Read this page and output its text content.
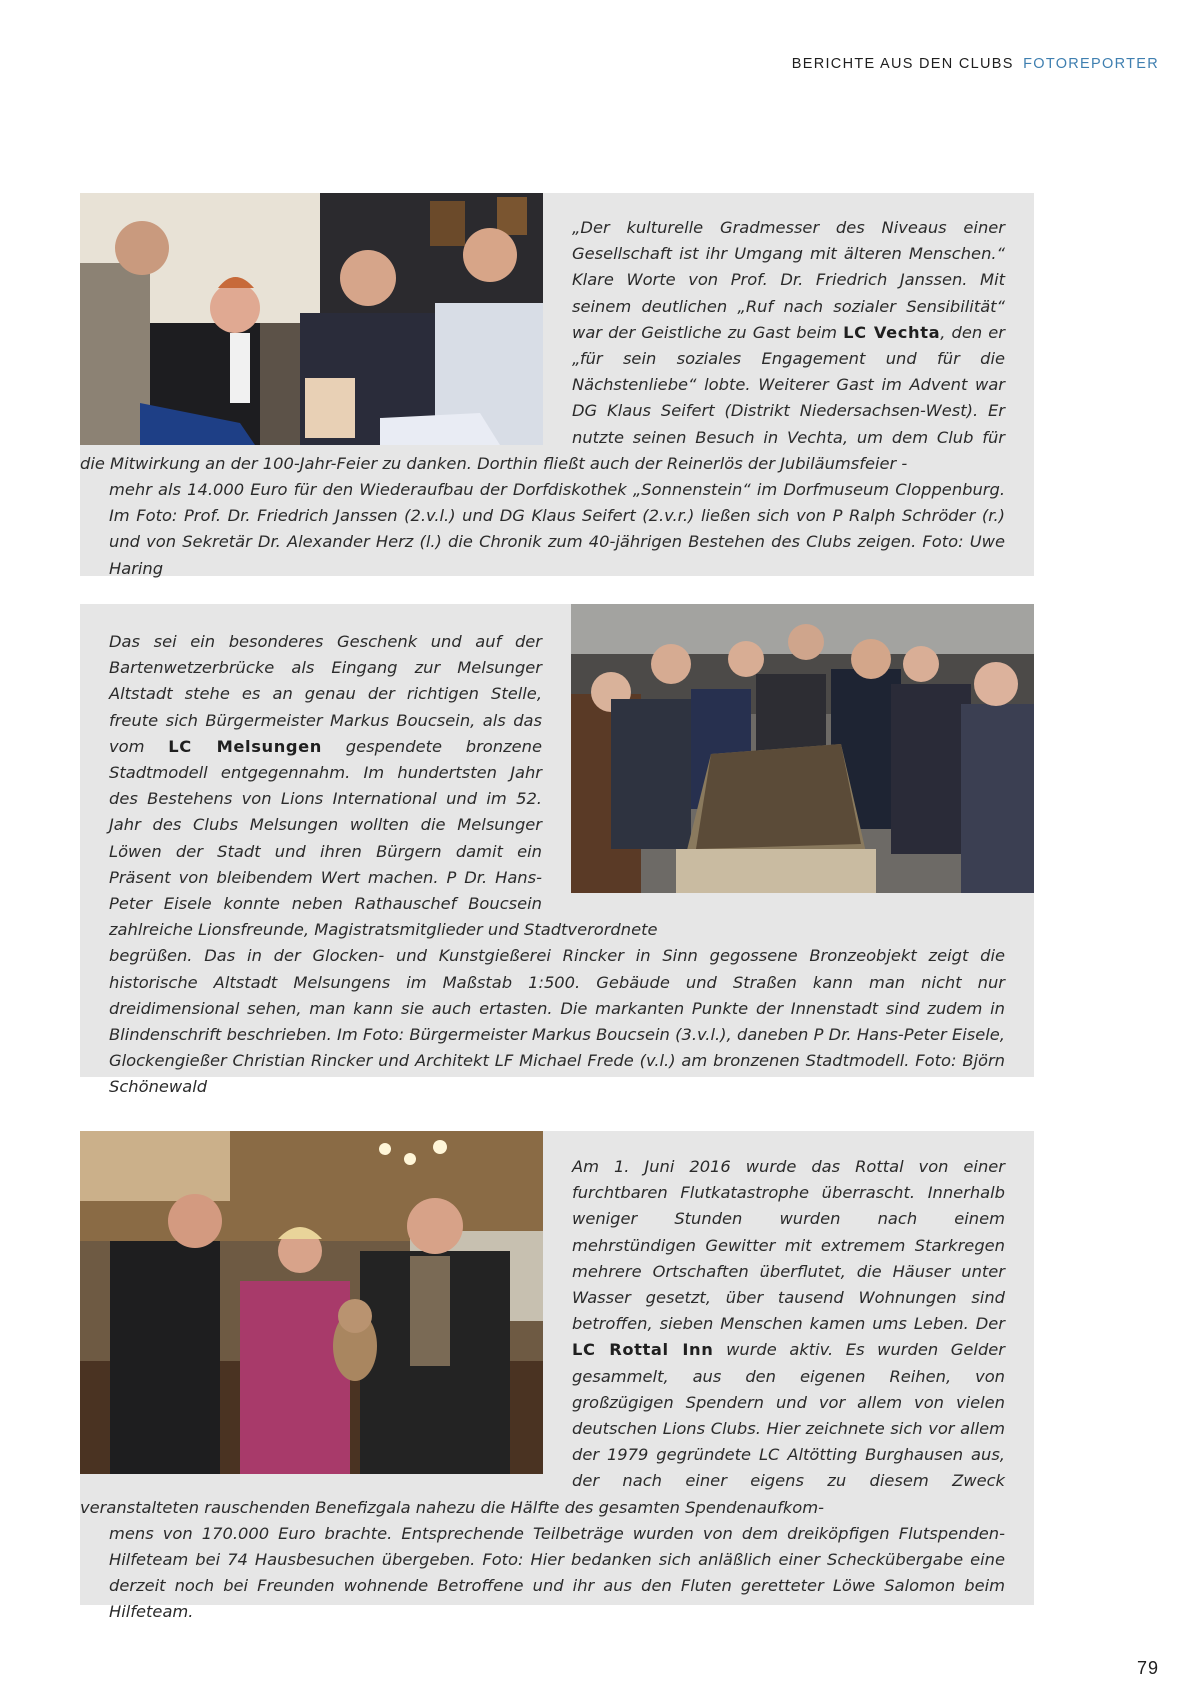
BERICHTE AUS DEN CLUBS FOTOREPORTER

„Der kulturelle Gradmesser des Niveaus einer Gesellschaft ist ihr Umgang mit älteren Menschen.“ Klare Worte von Prof. Dr. Friedrich Janssen. Mit seinem deutlichen „Ruf nach sozialer Sensibilität“ war der Geistliche zu Gast beim LC Vechta, den er „für sein soziales Engagement und für die Nächstenliebe“ lobte. Weiterer Gast im Advent war DG Klaus Seifert (Distrikt Niedersachsen-West). Er nutzte seinen Besuch in Vechta, um dem Club für die Mitwirkung an der 100-Jahr-Feier zu danken. Dorthin fließt auch der Reinerlös der Jubiläumsfeier -

mehr als 14.000 Euro für den Wiederaufbau der Dorfdiskothek „Sonnenstein“ im Dorfmuseum Cloppenburg. Im Foto: Prof. Dr. Friedrich Janssen (2.v.l.) und DG Klaus Seifert (2.v.r.) ließen sich von P Ralph Schröder (r.) und von Sekretär Dr. Alexander Herz (l.) die Chronik zum 40-jährigen Bestehen des Clubs zeigen. Foto: Uwe Haring

Das sei ein besonderes Geschenk und auf der Bartenwetzerbrücke als Eingang zur Melsunger Altstadt stehe es an genau der richtigen Stelle, freute sich Bürgermeister Markus Boucsein, als das vom LC Melsungen gespendete bronzene Stadtmodell entgegennahm. Im hundertsten Jahr des Bestehens von Lions International und im 52. Jahr des Clubs Melsungen wollten die Melsunger Löwen der Stadt und ihren Bürgern damit ein Präsent von bleibendem Wert machen. P Dr. Hans-Peter Eisele konnte neben Rathauschef Boucsein zahlreiche Lionsfreunde, Magistratsmitglieder und Stadtverordnete

begrüßen. Das in der Glocken- und Kunstgießerei Rincker in Sinn gegossene Bronzeobjekt zeigt die historische Altstadt Melsungens im Maßstab 1:500. Gebäude und Straßen kann man nicht nur dreidimensional sehen, man kann sie auch ertasten. Die markanten Punkte der Innenstadt sind zudem in Blindenschrift beschrieben. Im Foto: Bürgermeister Markus Boucsein (3.v.l.), daneben P Dr. Hans-Peter Eisele, Glockengießer Christian Rincker und Architekt LF Michael Frede (v.l.) am bronzenen Stadtmodell. Foto: Björn Schönewald

Am 1. Juni 2016 wurde das Rottal von einer furchtbaren Flutkatastrophe überrascht. Innerhalb weniger Stunden wurden nach einem mehrstündigen Gewitter mit extremem Starkregen mehrere Ortschaften überflutet, die Häuser unter Wasser gesetzt, über tausend Wohnungen sind betroffen, sieben Menschen kamen ums Leben. Der LC Rottal Inn wurde aktiv. Es wurden Gelder gesammelt, aus den eigenen Reihen, von großzügigen Spendern und vor allem von vielen deutschen Lions Clubs. Hier zeichnete sich vor allem der 1979 gegründete LC Altötting Burghausen aus, der nach einer eigens zu diesem Zweck veranstalteten rauschenden Benefizgala nahezu die Hälfte des gesamten Spendenaufkom-

mens von 170.000 Euro brachte. Entsprechende Teilbeträge wurden von dem dreiköpfigen Flutspenden-Hilfeteam bei 74 Hausbesuchen übergeben. Foto: Hier bedanken sich anläßlich einer Scheckübergabe eine derzeit noch bei Freunden wohnende Betroffene und ihr aus den Fluten geretteter Löwe Salomon beim Hilfeteam.

79
